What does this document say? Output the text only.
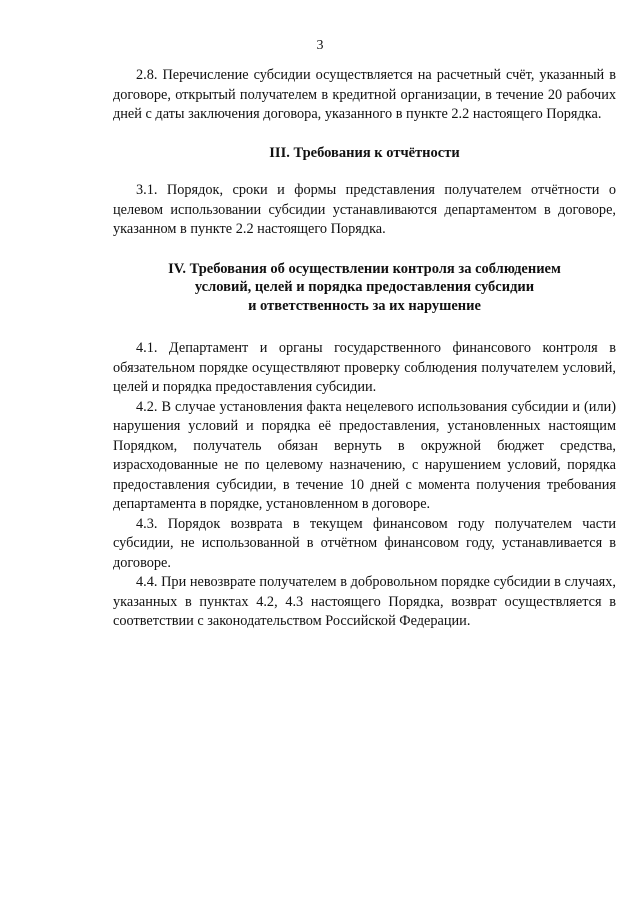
3

2.8. Перечисление субсидии осуществляется на расчетный счёт, указанный в договоре, открытый получателем в кредитной организации, в течение 20 рабочих дней с даты заключения договора, указанного в пункте 2.2 настоящего Порядка.

III. Требования к отчётности

3.1. Порядок, сроки и формы представления получателем отчётности о целевом использовании субсидии устанавливаются департаментом в договоре, указанном в пункте 2.2 настоящего Порядка.

IV. Требования об осуществлении контроля за соблюдением

условий, целей и порядка предоставления субсидии

и ответственность за их нарушение

4.1. Департамент и органы государственного финансового контроля в обязательном порядке осуществляют проверку соблюдения получателем условий, целей и порядка предоставления субсидии.

4.2. В случае установления факта нецелевого использования субсидии и (или) нарушения условий и порядка её предоставления, установленных настоящим Порядком, получатель обязан вернуть в окружной бюджет средства, израсходованные не по целевому назначению, с нарушением условий, порядка предоставления субсидии, в течение 10 дней с момента получения требования департамента в порядке, установленном в договоре.

4.3. Порядок возврата в текущем финансовом году получателем части субсидии, не использованной в отчётном финансовом году, устанавливается в договоре.

4.4. При невозврате получателем в добровольном порядке субсидии в случаях, указанных в пунктах 4.2, 4.3 настоящего Порядка, возврат осуществляется в соответствии с законодательством Российской Федерации.
